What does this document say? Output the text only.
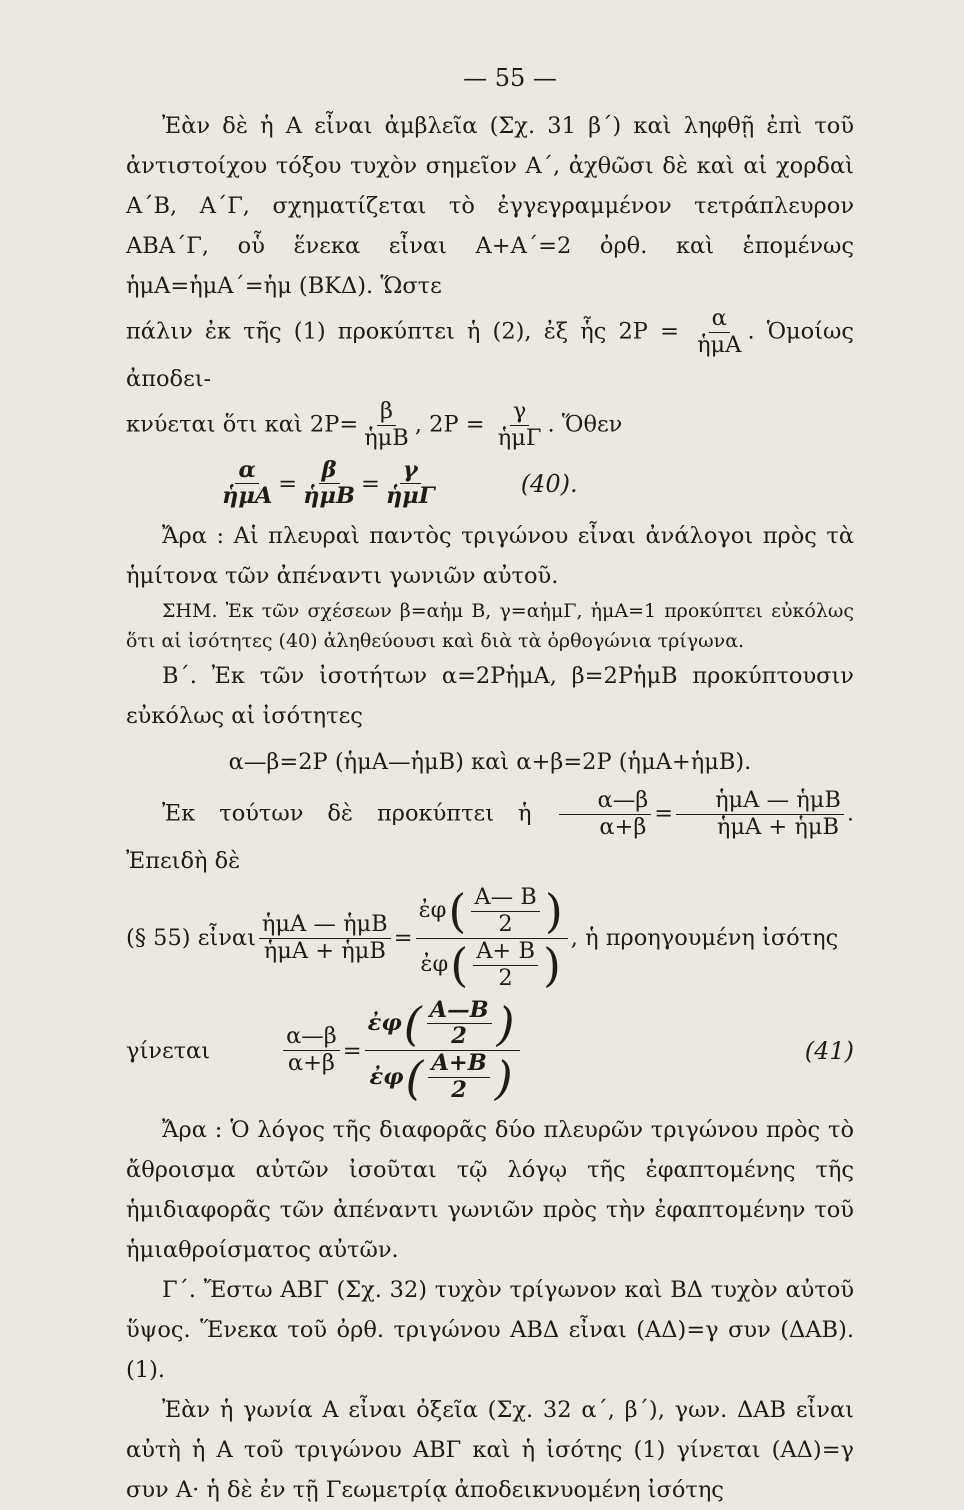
— 55 —

Ἐὰν δὲ ἡ Α εἶναι ἀμβλεῖα (Σχ. 31 β΄) καὶ ληφθῇ ἐπὶ τοῦ ἀντιστοίχου τόξου τυχὸν σημεῖον Α΄, ἀχθῶσι δὲ καὶ αἱ χορδαὶ Α΄Β, Α΄Γ, σχηματίζεται τὸ ἐγγεγραμμένον τετράπλευρον ΑΒΑ΄Γ, οὗ ἕνεκα εἶναι Α+Α΄=2 ὀρθ. καὶ ἑπομένως ἡμΑ=ἡμΑ΄=ἡμ (ΒΚΔ). Ὥστε

πάλιν ἐκ τῆς (1) προκύπτει ἡ (2), ἐξ ἧς $2P = \frac{\alpha}{\text{ἡμΑ}}$ . Ὁμοίως ἀποδει-

κνύεται ὅτι καὶ $2P= \frac{\beta}{\text{ἡμΒ}}$ , $2P = \frac{\gamma}{\text{ἡμΓ}}$ . Ὅθεν

$\frac{\alpha}{\text{ἡμΑ}} = \frac{\beta}{\text{ἡμΒ}} = \frac{\gamma}{\text{ἡμΓ}}$	(40).

Ἄρα : Αἱ πλευραὶ παντὸς τριγώνου εἶναι ἀνάλογοι πρὸς τὰ ἡμίτονα τῶν ἀπέναντι γωνιῶν αὐτοῦ.

ΣΗΜ. Ἐκ τῶν σχέσεων β=αἡμ Β, γ=αἡμΓ, ἡμΑ=1 προκύπτει εὐκόλως ὅτι αἱ ἰσότητες (40) ἀληθεύουσι καὶ διὰ τὰ ὀρθογώνια τρίγωνα.

Β΄. Ἐκ τῶν ἰσοτήτων α=2ΡἡμΑ, β=2ΡἡμΒ προκύπτουσιν εὐκόλως αἱ ἰσότητες

α—β=2Ρ (ἡμΑ—ἡμΒ) καὶ α+β=2Ρ (ἡμΑ+ἡμΒ).

Ἐκ τούτων δὲ προκύπτει ἡ $\frac{\alpha—\beta}{\alpha+\beta} = \frac{\text{ἡμΑ — ἡμΒ}}{\text{ἡμΑ + ἡμΒ}}$ . Ἐπειδὴ δὲ

(§ 55) εἶναι $\frac{\text{ἡμΑ — ἡμΒ}}{\text{ἡμΑ + ἡμΒ}} = \frac{ἐ\varphi ( \frac{A— B}{2} )}{ἐ\varphi ( \frac{A+ B}{2} )}$ , ἡ προηγουμένη ἰσότης
γίνεται	$\frac{\alpha—\beta}{\alpha+\beta} = \frac{ἐ\varphi ( \frac{A—B}{2} )}{ἐ\varphi ( \frac{A+B}{2} )}$	(41)

Ἄρα : Ὁ λόγος τῆς διαφορᾶς δύο πλευρῶν τριγώνου πρὸς τὸ ἄθροισμα αὐτῶν ἰσοῦται τῷ λόγῳ τῆς ἐφαπτομένης τῆς ἡμιδιαφορᾶς τῶν ἀπέναντι γωνιῶν πρὸς τὴν ἐφαπτομένην τοῦ ἡμιαθροίσματος αὐτῶν.

Γ΄. Ἔστω ΑΒΓ (Σχ. 32) τυχὸν τρίγωνον καὶ ΒΔ τυχὸν αὐτοῦ ὕψος. Ἕνεκα τοῦ ὀρθ. τριγώνου ΑΒΔ εἶναι (ΑΔ)=γ συν (ΔΑΒ). (1).

Ἐὰν ἡ γωνία Α εἶναι ὀξεῖα (Σχ. 32 α΄, β΄), γων. ΔΑΒ εἶναι αὐτὴ ἡ Α τοῦ τριγώνου ΑΒΓ καὶ ἡ ἰσότης (1) γίνεται (ΑΔ)=γ συν Α· ἡ δὲ ἐν τῇ Γεωμετρίᾳ ἀποδεικνυομένη ἰσότης
